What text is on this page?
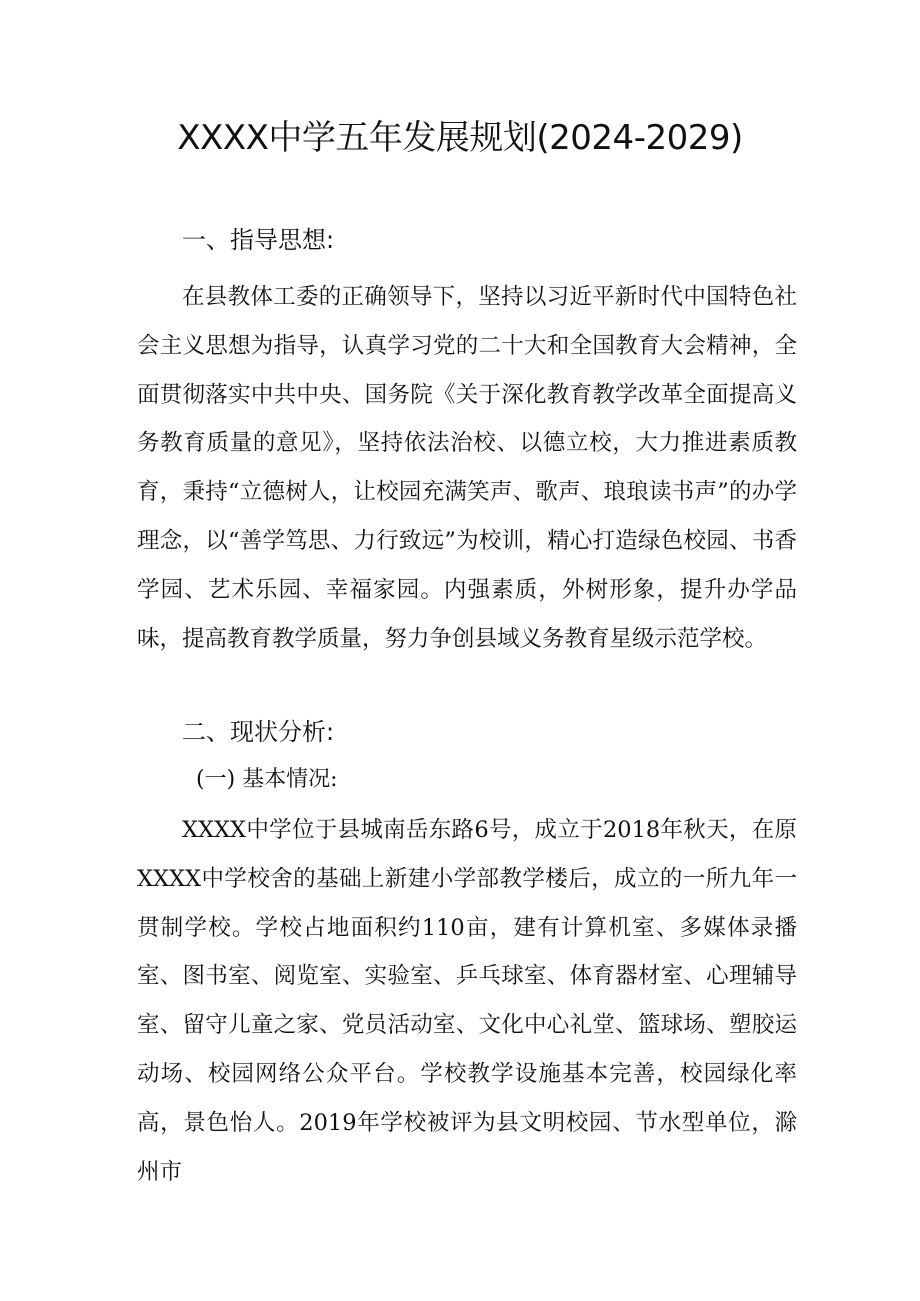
XXXX中学五年发展规划(2024-2029)
一、指导思想:
在县教体工委的正确领导下，坚持以习近平新时代中国特色社会主义思想为指导，认真学习党的二十大和全国教育大会精神，全面贯彻落实中共中央、国务院《关于深化教育教学改革全面提高义务教育质量的意见》，坚持依法治校、以德立校，大力推进素质教育，秉持“立德树人，让校园充满笑声、歌声、琅琅读书声”的办学理念，以“善学笃思、力行致远”为校训，精心打造绿色校园、书香学园、艺术乐园、幸福家园。内强素质，外树形象，提升办学品味，提高教育教学质量，努力争创县域义务教育星级示范学校。
二、现状分析:
(一) 基本情况:
XXXX中学位于县城南岳东路6号，成立于2018年秋天，在原XXXX中学校舍的基础上新建小学部教学楼后，成立的一所九年一贯制学校。学校占地面积约110亩，建有计算机室、多媒体录播室、图书室、阅览室、实验室、乒乓球室、体育器材室、心理辅导室、留守儿童之家、党员活动室、文化中心礼堂、篮球场、塑胶运动场、校园网络公众平台。学校教学设施基本完善，校园绿化率高，景色怡人。2019年学校被评为县文明校园、节水型单位，滁州市
